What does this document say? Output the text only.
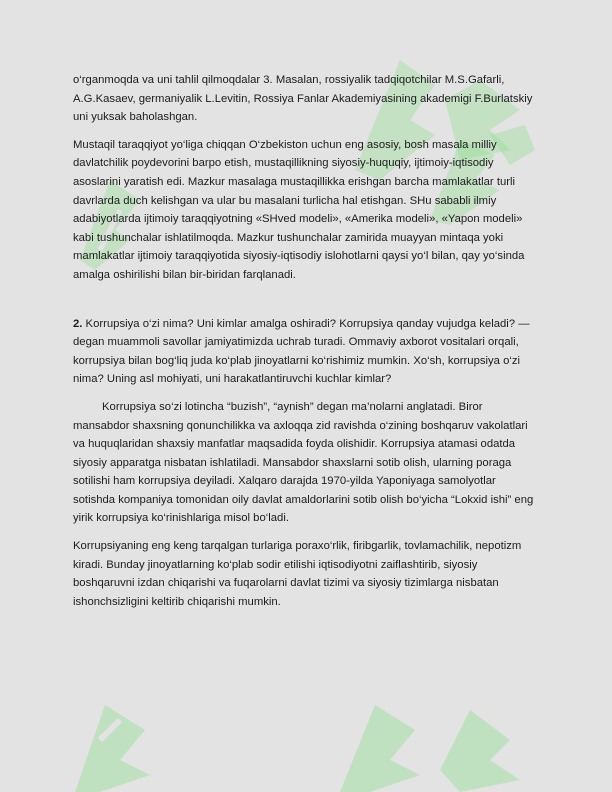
o‘rganmoqda va uni tahlil qilmoqdalar 3. Masalan, rossiyalik tadqiqotchilar M.S.Gafarli, A.G.Kasaev, germaniyalik L.Levitin, Rossiya Fanlar Akademiyasining akademigi F.Burlatskiy uni yuksak baholashgan.

Mustaqil taraqqiyot yo‘liga chiqqan O‘zbekiston uchun eng asosiy, bosh masala milliy davlatchilik poydevorini barpo etish, mustaqillikning siyosiy-huquqiy, ijtimoiy-iqtisodiy asoslarini yaratish edi. Mazkur masalaga mustaqillikka erishgan barcha mamlakatlar turli davrlarda duch kelishgan va ular bu masalani turlicha hal etishgan. SHu sababli ilmiy adabiyotlarda ijtimoiy taraqqiyotning «SHved modeli», «Amerika modeli», «Yapon modeli» kabi tushunchalar ishlatilmoqda. Mazkur tushunchalar zamirida muayyan mintaqa yoki mamlakatlar ijtimoiy taraqqiyotida siyosiy-iqtisodiy islohotlarni qaysi yo‘l bilan, qay yo‘sinda amalga oshirilishi bilan bir-biridan farqlanadi.

2. Korrupsiya o‘zi nima? Uni kimlar amalga oshiradi? Korrupsiya qanday vujudga keladi? — degan muammoli savollar jamiyatimizda uchrab turadi. Ommaviy axborot vositalari orqali, korrupsiya bilan bog‘liq juda ko‘plab jinoyatlarni ko‘rishimiz mumkin. Xo‘sh, korrupsiya o‘zi nima? Uning asl mohiyati, uni harakatlantiruvchi kuchlar kimlar?

Korrupsiya so‘zi lotincha “buzish”, “aynish” degan ma’nolarni anglatadi. Biror mansabdor shaxsning qonunchilikka va axloqqa zid ravishda o‘zining boshqaruv vakolatlari va huquqlaridan shaxsiy manfatlar maqsadida foyda olishidir. Korrupsiya atamasi odatda siyosiy apparatga nisbatan ishlatiladi. Mansabdor shaxslarni sotib olish, ularning poraga sotilishi ham korrupsiya deyiladi. Xalqaro darajda 1970-yilda Yaponiyaga samolyotlar sotishda kompaniya tomonidan oily davlat amaldorlarini sotib olish bo‘yicha “Lokxid ishi” eng yirik korrupsiya ko‘rinishlariga misol bo‘ladi.

Korrupsiyaning eng keng tarqalgan turlariga poraxo‘rlik, firibgarlik, tovlamachilik, nepotizm kiradi. Bunday jinoyatlarning ko‘plab sodir etilishi iqtisodiyotni zaiflashtirib, siyosiy boshqaruvni izdan chiqarishi va fuqarolarni davlat tizimi va siyosiy tizimlarga nisbatan ishonchsizligini keltirib chiqarishi mumkin.
